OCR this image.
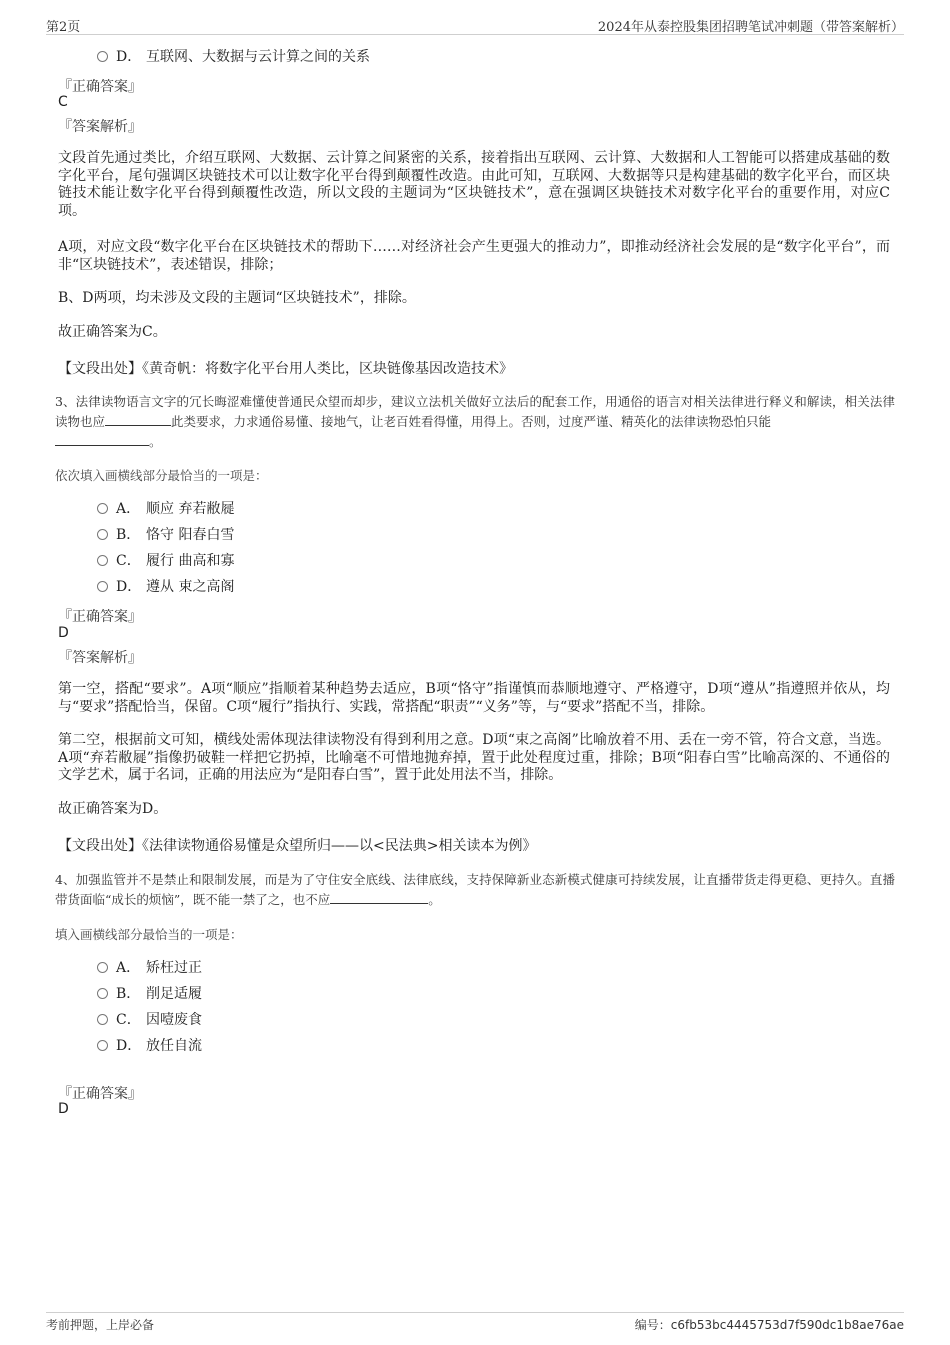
第2页	2024年从泰控股集团招聘笔试冲刺题（带答案解析）
D． 互联网、大数据与云计算之间的关系
『正确答案』
C
『答案解析』
文段首先通过类比，介绍互联网、大数据、云计算之间紧密的关系，接着指出互联网、云计算、大数据和人工智能可以搭建成基础的数字化平台，尾句强调区块链技术可以让数字化平台得到颠覆性改造。由此可知，互联网、大数据等只是构建基础的数字化平台，而区块链技术能让数字化平台得到颠覆性改造，所以文段的主题词为“区块链技术”，意在强调区块链技术对数字化平台的重要作用，对应C项。
A项，对应文段“数字化平台在区块链技术的帮助下……对经济社会产生更强大的推动力”，即推动经济社会发展的是“数字化平台”，而非“区块链技术”，表述错误，排除；
B、D两项，均未涉及文段的主题词“区块链技术”，排除。
故正确答案为C。
【文段出处】《黄奇帆：将数字化平台用人类比，区块链像基因改造技术》
3、法律读物语言文字的冗长晦涩难懂使普通民众望而却步，建议立法机关做好立法后的配套工作，用通俗的语言对相关法律进行释义和解读，相关法律读物也应	此类要求，力求通俗易懂、接地气，让老百姓看得懂，用得上。否则，过度严谨、精英化的法律读物恐怕只能
。
依次填入画横线部分最恰当的一项是：
A． 顺应 弃若敝屣
B． 恪守 阳春白雪
C． 履行 曲高和寡
D． 遵从 束之高阁
『正确答案』
D
『答案解析』
第一空，搭配“要求”。A项“顺应”指顺着某种趋势去适应，B项“恪守”指谨慎而恭顺地遵守、严格遵守，D项“遵从”指遵照并依从，均与“要求”搭配恰当，保留。C项“履行”指执行、实践，常搭配“职责”“义务”等，与“要求”搭配不当，排除。
第二空，根据前文可知，横线处需体现法律读物没有得到利用之意。D项“束之高阁”比喻放着不用、丢在一旁不管，符合文意，当选。A项“弃若敝屣”指像扔破鞋一样把它扔掉，比喻毫不可惜地抛弃掉，置于此处程度过重，排除；B项“阳春白雪”比喻高深的、不通俗的文学艺术，属于名词，正确的用法应为“是阳春白雪”，置于此处用法不当，排除。
故正确答案为D。
【文段出处】《法律读物通俗易懂是众望所归——以<民法典>相关读本为例》
4、加强监管并不是禁止和限制发展，而是为了守住安全底线、法律底线，支持保障新业态新模式健康可持续发展，让直播带货走得更稳、更持久。直播带货面临“成长的烦恼”，既不能一禁了之，也不应	。
填入画横线部分最恰当的一项是：
A． 矫枉过正
B． 削足适履
C． 因噎废食
D． 放任自流
『正确答案』
D
考前押题，上岸必备	编号：c6fb53bc4445753d7f590dc1b8ae76ae
